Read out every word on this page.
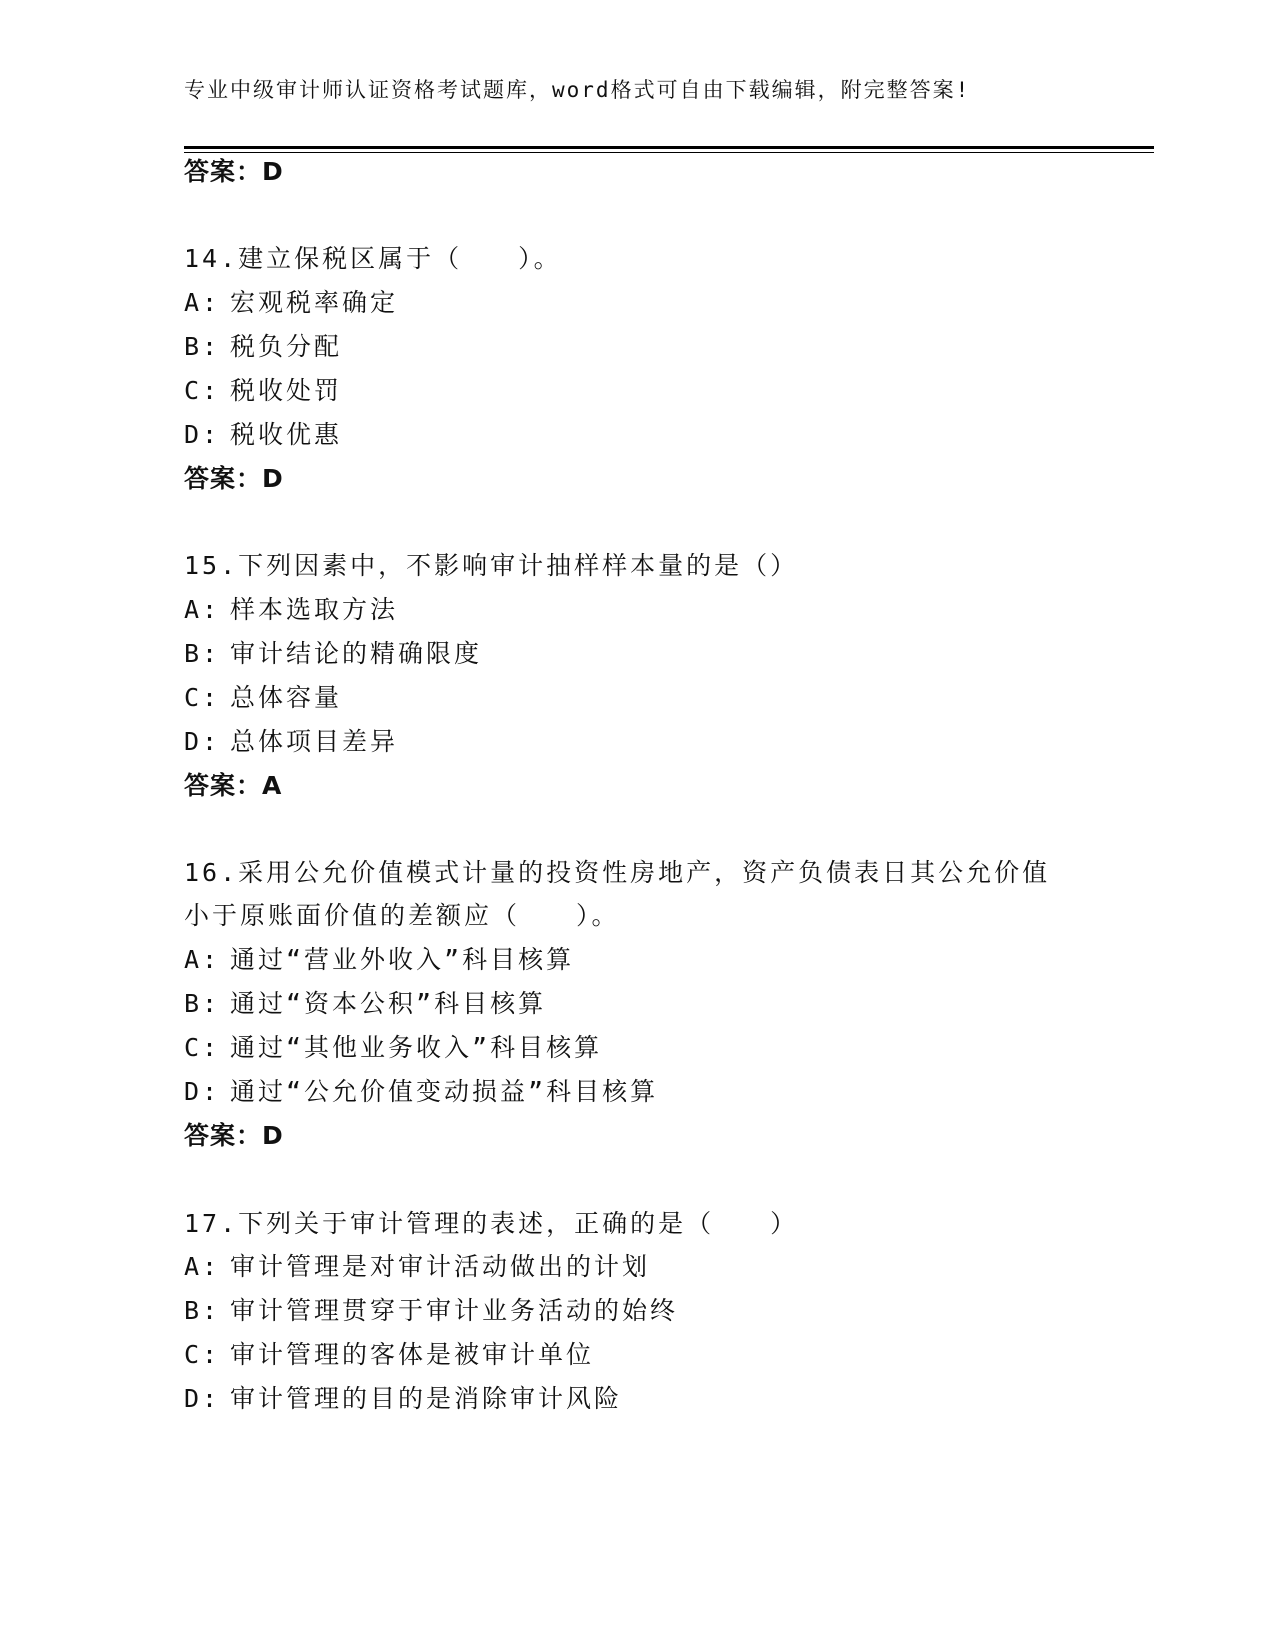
专业中级审计师认证资格考试题库，word格式可自由下载编辑，附完整答案!
答案：D
14.建立保税区属于（　　）。
A: 宏观税率确定
B: 税负分配
C: 税收处罚
D: 税收优惠
答案：D
15.下列因素中，不影响审计抽样样本量的是（）
A: 样本选取方法
B: 审计结论的精确限度
C: 总体容量
D: 总体项目差异
答案：A
16.采用公允价值模式计量的投资性房地产，资产负债表日其公允价值
小于原账面价值的差额应（　　）。
A: 通过“营业外收入”科目核算
B: 通过“资本公积”科目核算
C: 通过“其他业务收入”科目核算
D: 通过“公允价值变动损益”科目核算
答案：D
17.下列关于审计管理的表述，正确的是（　　）
A: 审计管理是对审计活动做出的计划
B: 审计管理贯穿于审计业务活动的始终
C: 审计管理的客体是被审计单位
D: 审计管理的目的是消除审计风险
